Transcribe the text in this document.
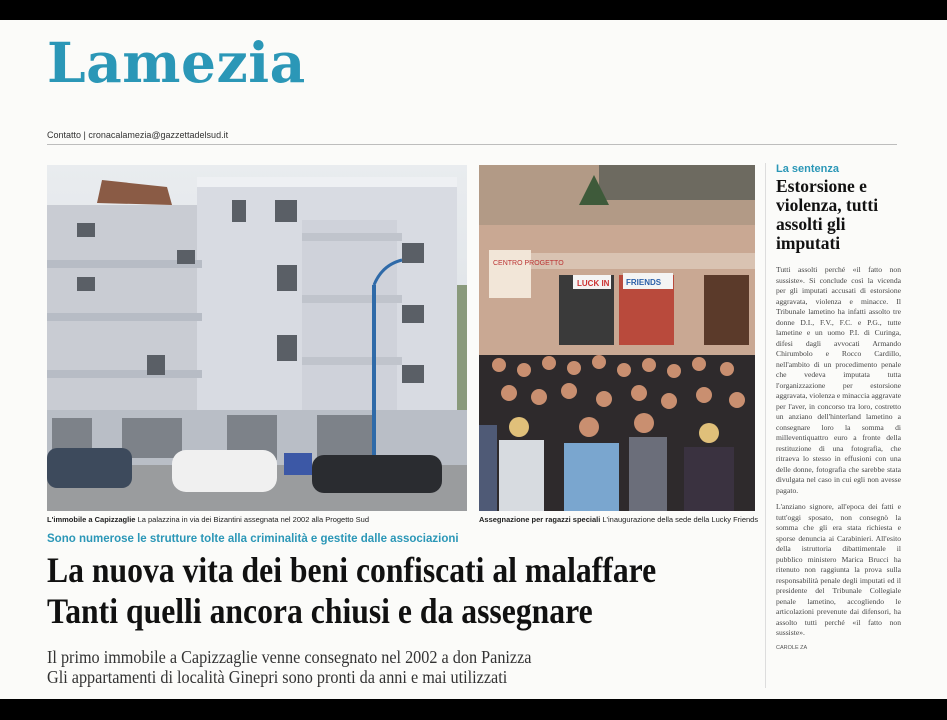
Lamezia
Contatto | cronacalamezia@gazzettadelsud.it
L'immobile a Capizzaglie La palazzina in via dei Bizantini assegnata nel 2002 alla Progetto Sud
CENTRO PROGETTO
LUCK IN FRIENDS
Assegnazione per ragazzi speciali L'inaugurazione della sede della Lucky Friends
La sentenza
Estorsione e violenza, tutti assolti gli imputati

Tutti assolti perché «il fatto non sussiste». Si conclude così la vicenda per gli imputati accusati di estorsione aggravata, violenza e minacce. Il Tribunale lametino ha infatti assolto tre donne D.I., F.V., F.C. e P.G., tutte lametine e un uomo P.I. di Curinga, difesi dagli avvocati Armando Chirumbolo e Rocco Cardillo, nell'ambito di un procedimento penale che vedeva imputata tutta l'organizzazione per estorsione aggravata, violenza e minaccia aggravate per l'aver, in concorso tra loro, costretto un anziano dell'hinterland lametino a consegnare loro la somma di milleventiquattro euro a fronte della restituzione di una fotografia, che ritraeva lo stesso in effusioni con una delle donne, fotografia che sarebbe stata divulgata nel caso in cui egli non avesse pagato.

L'anziano signore, all'epoca dei fatti e tutt'oggi sposato, non consegnò la somma che gli era stata richiesta e sporse denuncia ai Carabinieri. All'esito della istruttoria dibattimentale il pubblico ministero Marica Brucci ha ritenuto non raggiunta la prova sulla responsabilità penale degli imputati ed il presidente del Tribunale Collegiale penale lametino, accogliendo le articolazioni prevenute dai difensori, ha assolto tutti perché «il fatto non sussiste».

CAROLE ZA
Sono numerose le strutture tolte alla criminalità e gestite dalle associazioni
La nuova vita dei beni confiscati al malaffare
Tanti quelli ancora chiusi e da assegnare

Il primo immobile a Capizzaglie venne consegnato nel 2002 a don Panizza
Gli appartamenti di località Ginepri sono pronti da anni e mai utilizzati
